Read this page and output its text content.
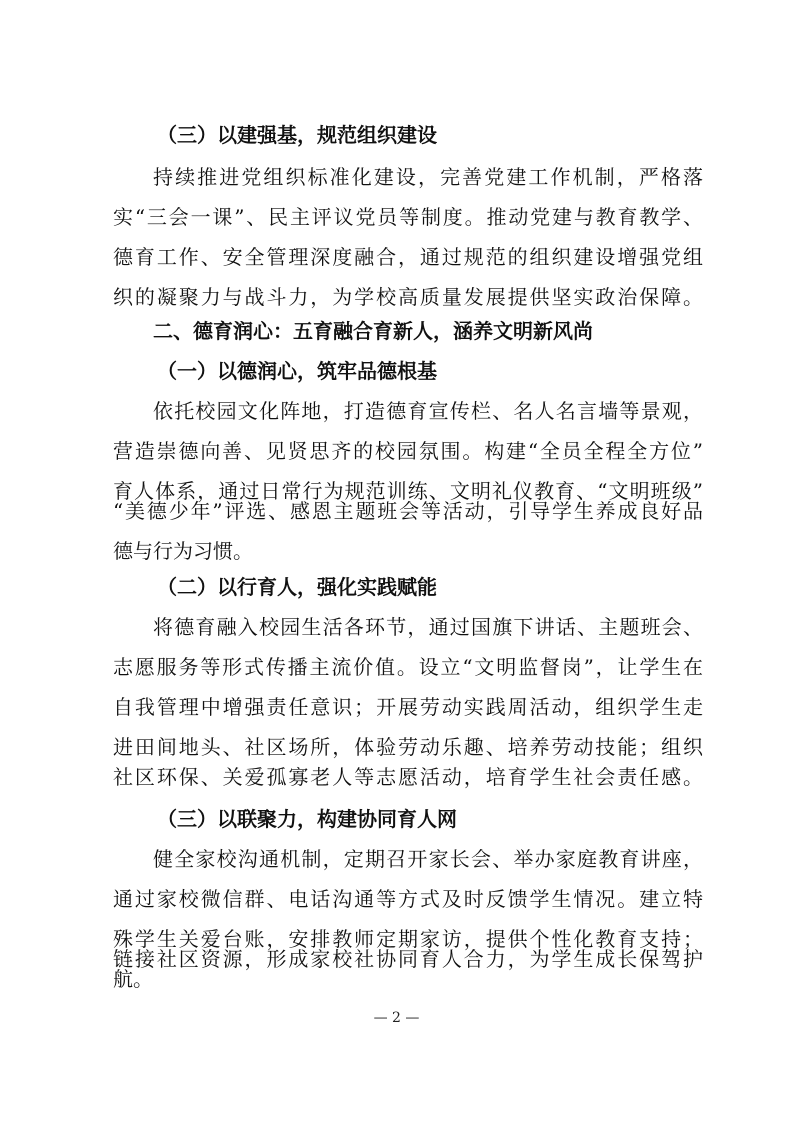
（三）以建强基，规范组织建设

持续推进党组织标准化建设，完善党建工作机制，严格落

实“三会一课”、民主评议党员等制度。推动党建与教育教学、

德育工作、安全管理深度融合，通过规范的组织建设增强党组

织的凝聚力与战斗力，为学校高质量发展提供坚实政治保障。

二、德育润心：五育融合育新人，涵养文明新风尚

（一）以德润心，筑牢品德根基

依托校园文化阵地，打造德育宣传栏、名人名言墙等景观，

营造崇德向善、见贤思齐的校园氛围。构建“全员全程全方位”

育人体系，通过日常行为规范训练、文明礼仪教育、“文明班级”

“美德少年”评选、感恩主题班会等活动，引导学生养成良好品

德与行为习惯。

（二）以行育人，强化实践赋能

将德育融入校园生活各环节，通过国旗下讲话、主题班会、

志愿服务等形式传播主流价值。设立“文明监督岗”，让学生在

自我管理中增强责任意识；开展劳动实践周活动，组织学生走

进田间地头、社区场所，体验劳动乐趣、培养劳动技能；组织

社区环保、关爱孤寡老人等志愿活动，培育学生社会责任感。

（三）以联聚力，构建协同育人网

健全家校沟通机制，定期召开家长会、举办家庭教育讲座，

通过家校微信群、电话沟通等方式及时反馈学生情况。建立特

殊学生关爱台账，安排教师定期家访，提供个性化教育支持；

链接社区资源，形成家校社协同育人合力，为学生成长保驾护

航。

— 2 —
